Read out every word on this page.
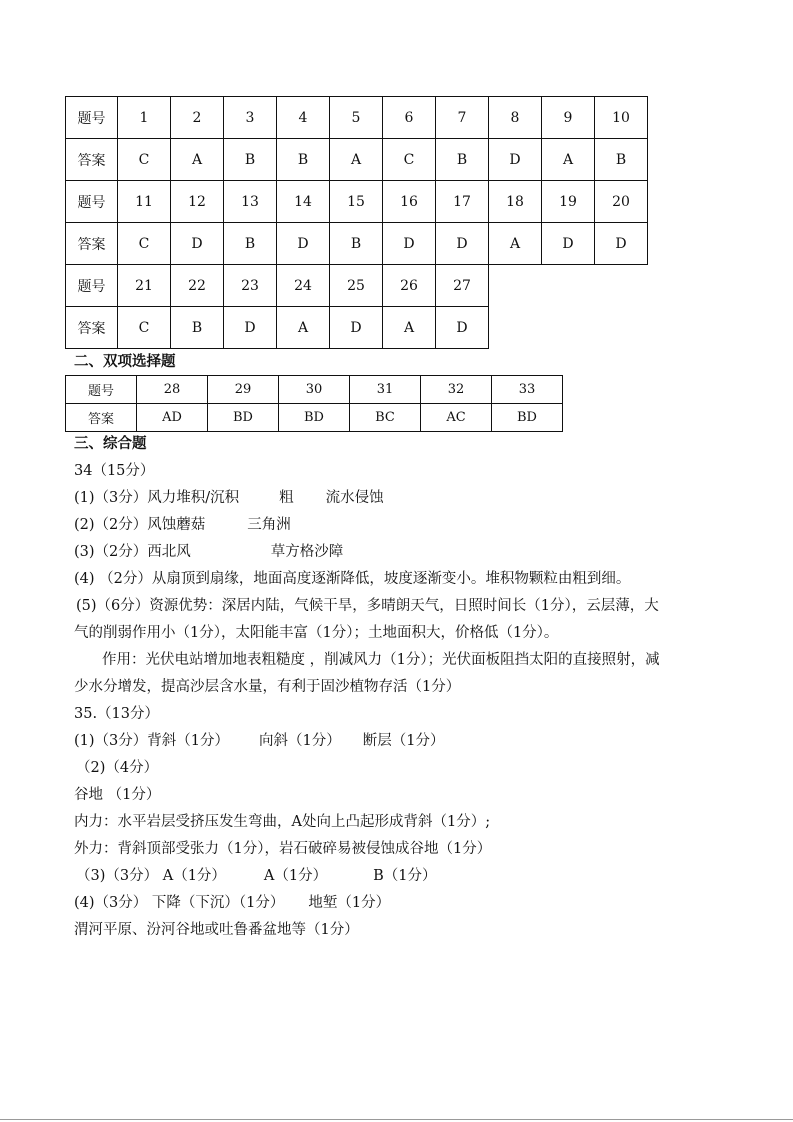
题号	1	2	3	4	5	6	7	8	9	10
答案	C	A	B	B	A	C	B	D	A	B
题号	11	12	13	14	15	16	17	18	19	20
答案	C	D	B	D	B	D	D	A	D	D
题号	21	22	23	24	25	26	27			
答案	C	B	D	A	D	A	D			
二、双项选择题
题号	28	29	30	31	32	33
答案	AD	BD	BD	BC	AC	BD
三、综合题
34（15分）
(1)（3分）风力堆积/沉积	粗 流水侵蚀
(2)（2分）风蚀蘑菇	三角洲
(3)（2分）西北风	草方格沙障
(4) （2分）从扇顶到扇缘，地面高度逐渐降低，坡度逐渐变小。堆积物颗粒由粗到细。
(5)（6分）资源优势：深居内陆，气候干旱，多晴朗天气，日照时间长（1分），云层薄，大
气的削弱作用小（1分），太阳能丰富（1分）；土地面积大，价格低（1分）。
作用：光伏电站增加地表粗糙度 ，削减风力（1分）；光伏面板阻挡太阳的直接照射，减
少水分增发，提高沙层含水量，有利于固沙植物存活（1分）
35.（13分）
(1)（3分）背斜（1分） 向斜（1分） 断层（1分）
（2)（4分）
谷地 （1分）
内力：水平岩层受挤压发生弯曲，A处向上凸起形成背斜（1分）;
外力：背斜顶部受张力（1分），岩石破碎易被侵蚀成谷地（1分）
（3)（3分） A（1分）	A（1分）	B（1分）
(4)（3分） 下降（下沉）（1分） 地堑（1分）
渭河平原、汾河谷地或吐鲁番盆地等（1分）
